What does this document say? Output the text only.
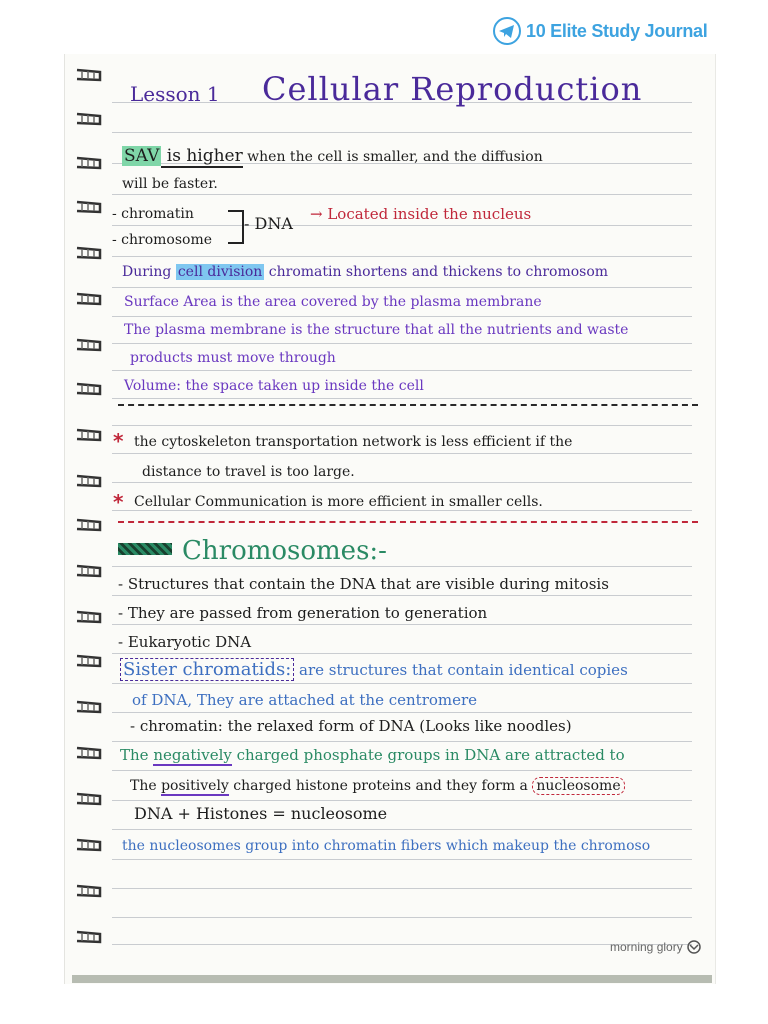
10 Elite Study Journal
Lesson 1 Cellular Reproduction
SAV is higher when the cell is smaller, and the diffusion
will be faster.
- chromatin
- chromosome
- DNA → Located inside the nucleus
During cell division chromatin shortens and thickens to chromosom
Surface Area is the area covered by the plasma membrane
The plasma membrane is the structure that all the nutrients and waste
products must move through
Volume: the space taken up inside the cell
* the cytoskeleton transportation network is less efficient if the
distance to travel is too large.
* Cellular Communication is more efficient in smaller cells.
Chromosomes:-
- Structures that contain the DNA that are visible during mitosis
- They are passed from generation to generation
- Eukaryotic DNA
Sister chromatids: are structures that contain identical copies
of DNA, They are attached at the centromere
- chromatin: the relaxed form of DNA (Looks like noodles)
The negatively charged phosphate groups in DNA are attracted to
The positively charged histone proteins and they form a nucleosome
DNA + Histones = nucleosome
the nucleosomes group into chromatin fibers which makeup the chromoso
morning glory
